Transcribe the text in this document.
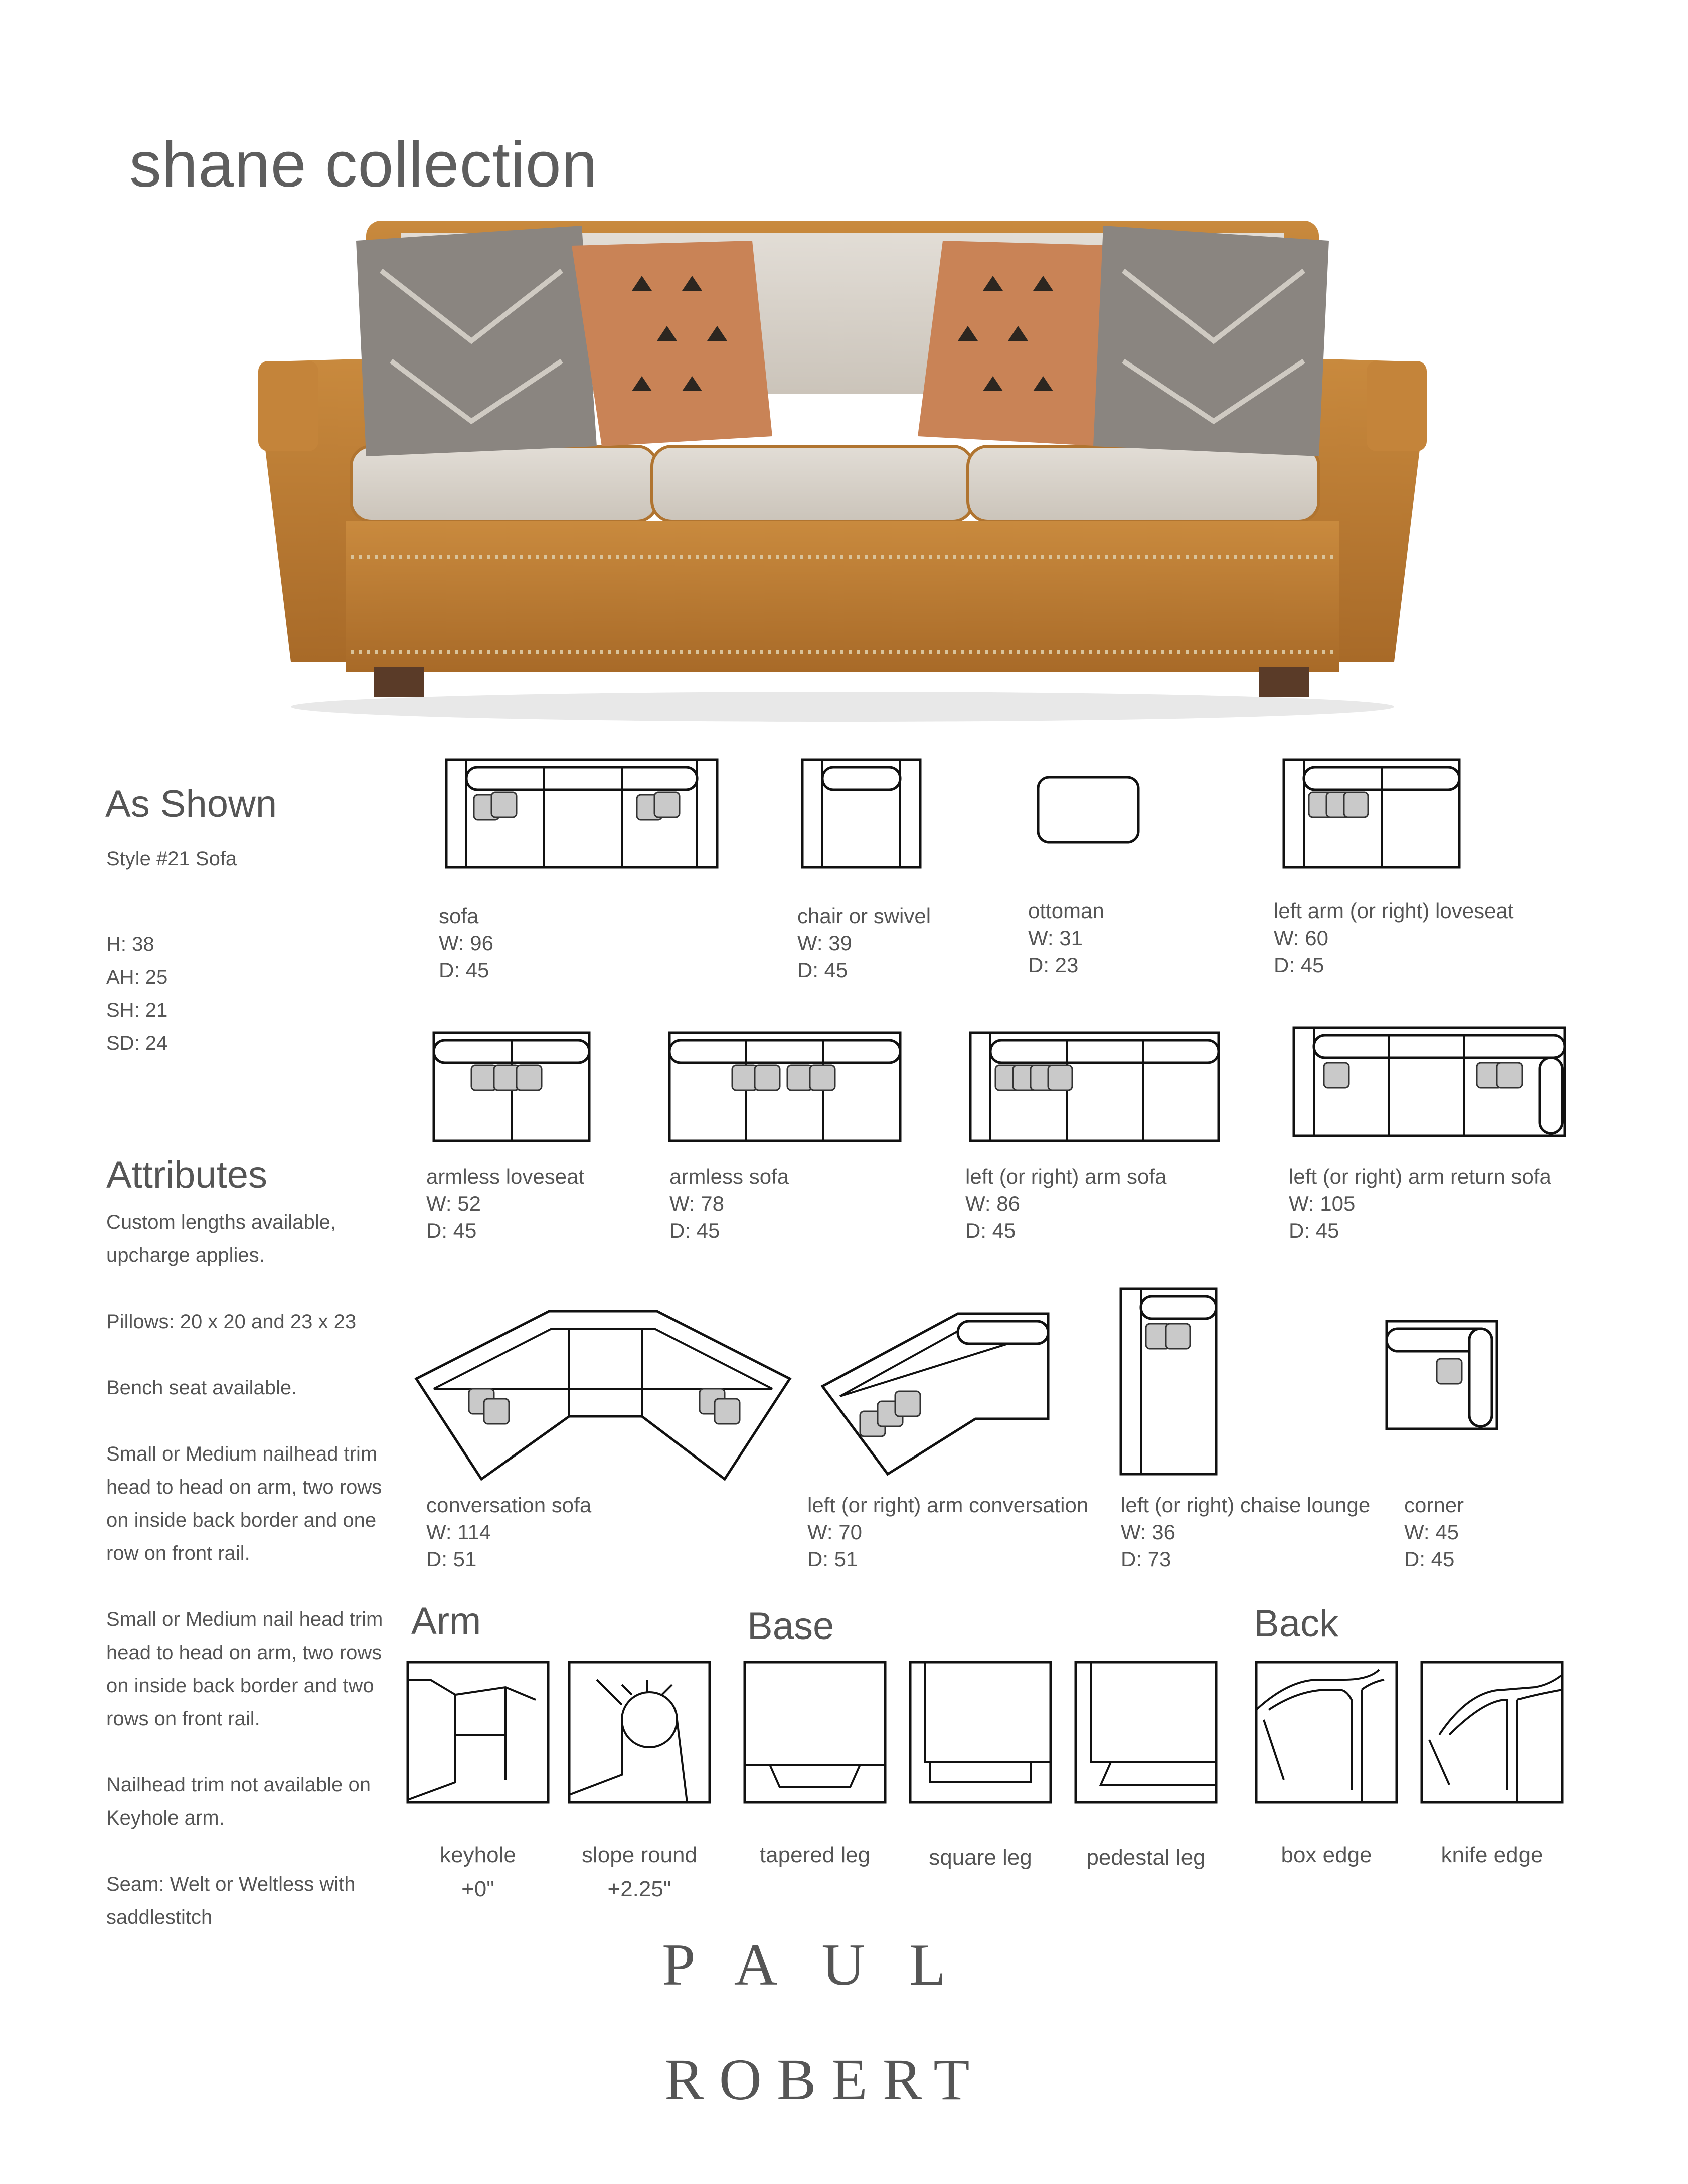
shane collection
As Shown
Style #21 Sofa
H: 38
AH: 25
SH: 21
SD: 24
Attributes
Custom lengths available,
upcharge applies.
Pillows: 20 x 20 and 23 x 23
Bench seat available.
Small or Medium nailhead trim
head to head on arm, two rows
on inside back border and one
row on front rail.
Small or Medium nail head trim
head to head on arm, two rows
on inside back border and two
rows on front rail.
Nailhead trim not available on
Keyhole arm.
Seam: Welt or Weltless with
saddlestitch
sofa
W: 96
D: 45
chair or swivel
W: 39
D: 45
ottoman
W: 31
D: 23
left arm (or right) loveseat
W: 60
D: 45
armless loveseat
W: 52
D: 45
armless sofa
W: 78
D: 45
left (or right) arm sofa
W: 86
D: 45
left (or right) arm return sofa
W: 105
D: 45
conversation sofa
W: 114
D: 51
left (or right) arm conversation
W: 70
D: 51
left (or right) chaise lounge
W: 36
D: 73
corner
W: 45
D: 45
Arm	Base	Back
keyhole
+0"
slope round
+2.25"
tapered leg	square leg	pedestal leg	box edge	knife edge
PAUL
ROBERT
